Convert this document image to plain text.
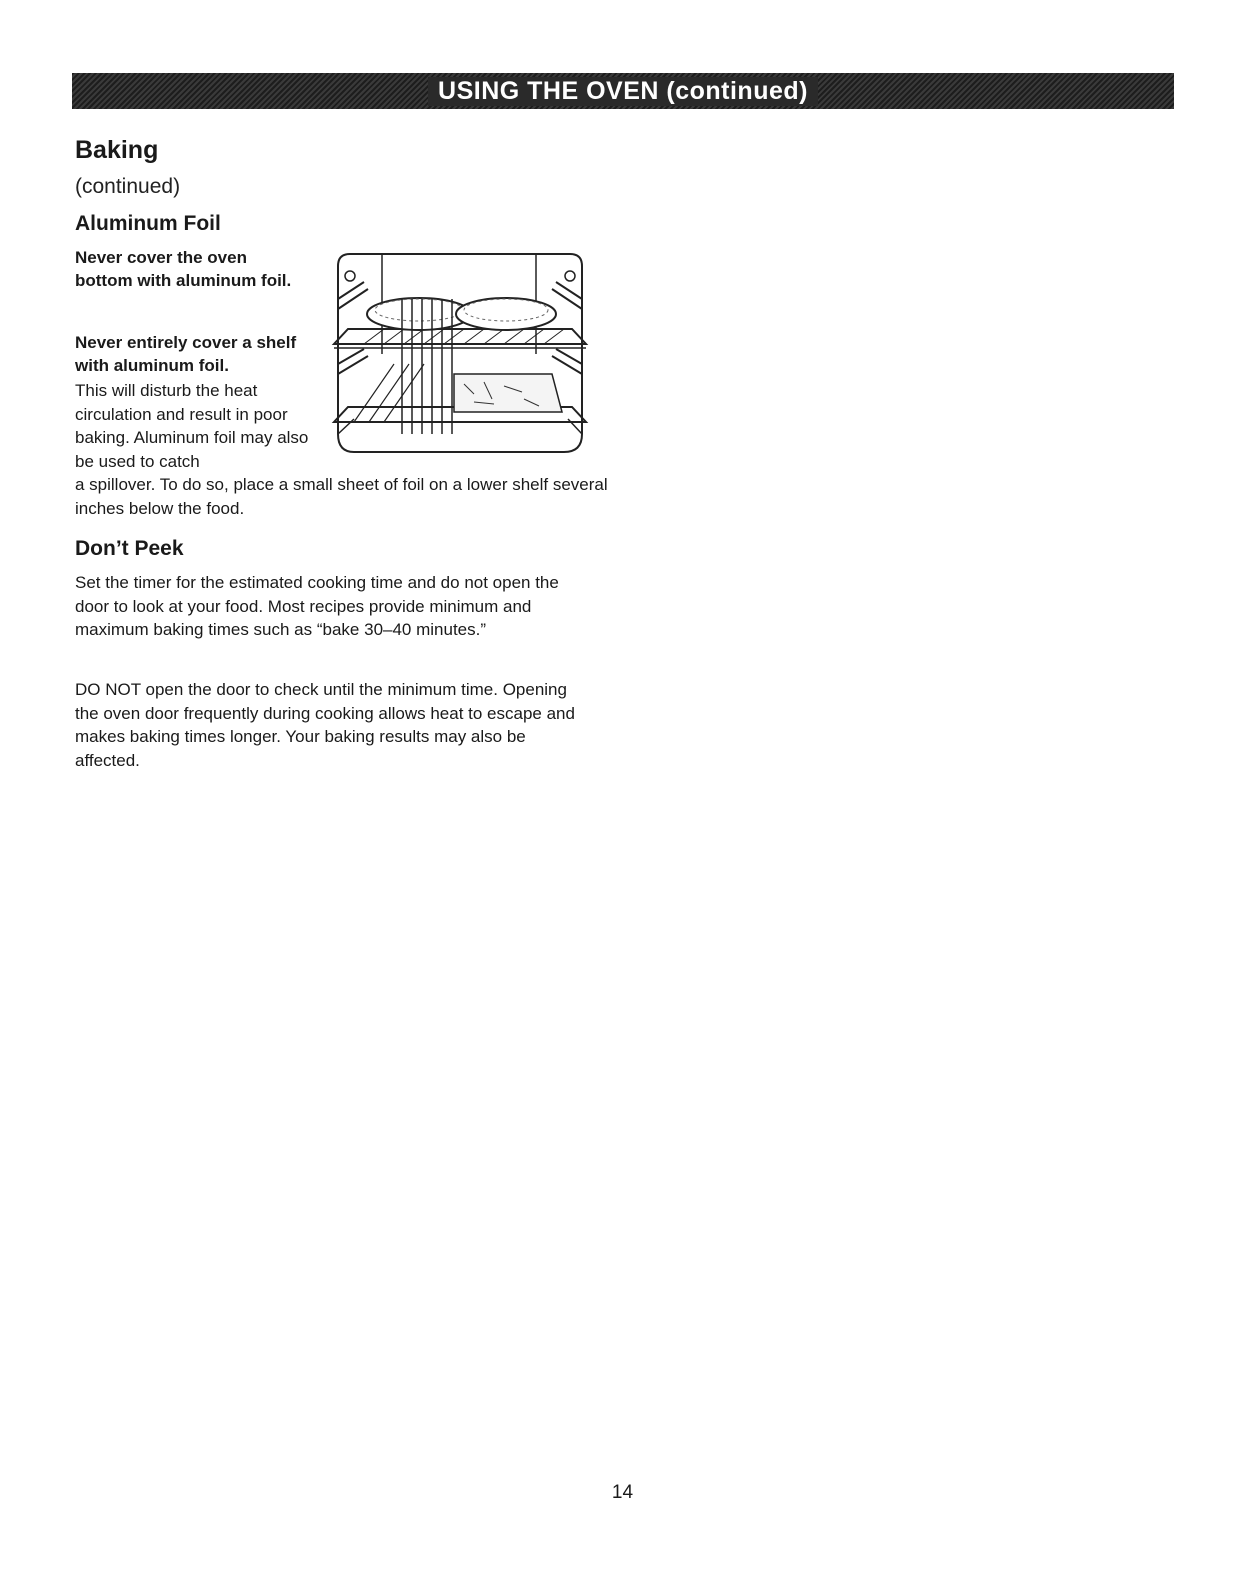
USING THE OVEN (continued)
Baking
(continued)
Aluminum Foil

Never cover the oven bottom with aluminum foil.

Never entirely cover a shelf with aluminum foil.

This will disturb the heat circulation and result in poor baking. Aluminum foil may also be used to catch

a spillover. To do so, place a small sheet of foil on a lower shelf several inches below the food.

Don’t Peek

Set the timer for the estimated cooking time and do not open the door to look at your food. Most recipes provide minimum and maximum baking times such as “bake 30–40 minutes.”

DO NOT open the door to check until the minimum time. Opening the oven door frequently during cooking allows heat to escape and makes baking times longer. Your baking results may also be affected.

14
